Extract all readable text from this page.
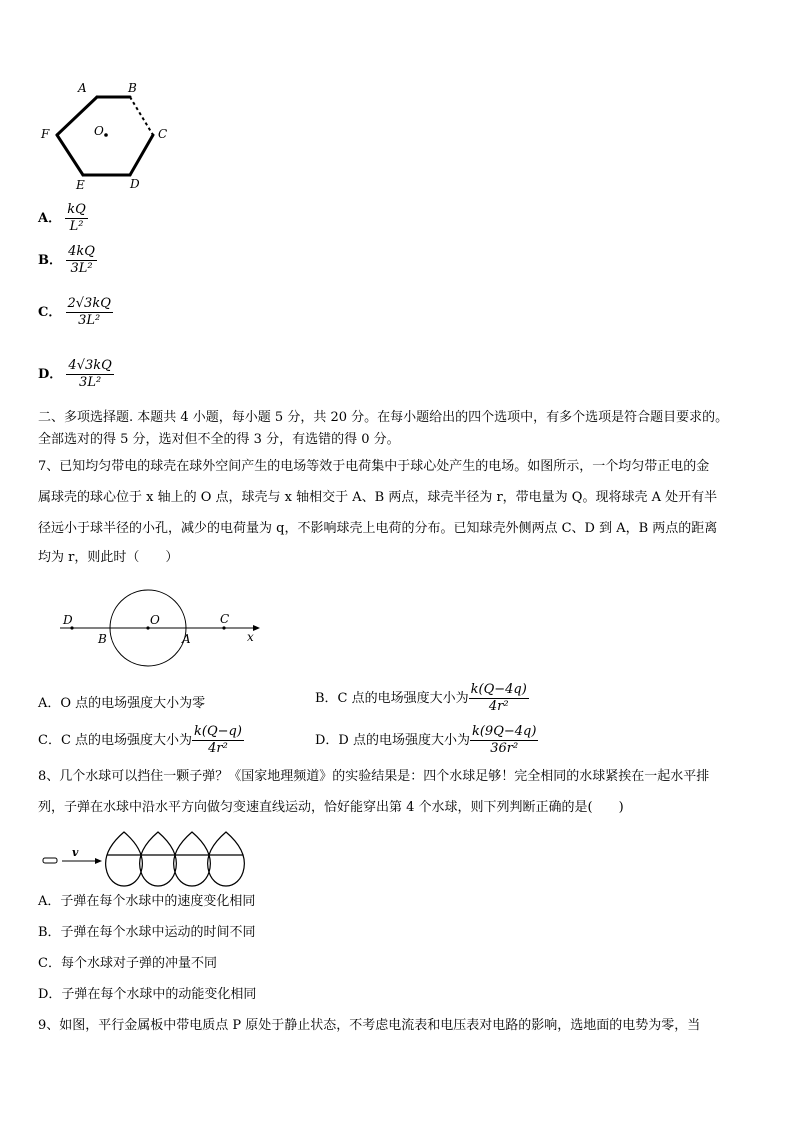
A	B
C
D
E
F	O
A． $\frac{kQ}{\text{L²}}$
B． $\frac{4kQ}{\text{3L²}}$
C． $\frac{2√3kQ}{\text{3L²}}$
D． $\frac{4√3kQ}{\text{3L²}}$
二、多项选择题. 本题共 4 小题，每小题 5 分，共 20 分。在每小题给出的四个选项中，有多个选项是符合题目要求的。
全部选对的得 5 分，选对但不全的得 3 分，有选错的得 0 分。
7、已知均匀带电的球壳在球外空间产生的电场等效于电荷集中于球心处产生的电场。如图所示，一个均匀带正电的金
属球壳的球心位于 x 轴上的 O 点，球壳与 x 轴相交于 A、B 两点，球壳半径为 r，带电量为 Q。现将球壳 A 处开有半
径远小于球半径的小孔，减少的电荷量为 q，不影响球壳上电荷的分布。已知球壳外侧两点 C、D 到 A，B 两点的距离
均为 r，则此时（　　）
D
B
O
A
C
x
A．O 点的电场强度大小为零	B．C 点的电场强度大小为 $\frac{k(Q-4q)}{\text{4r²}}$
C．C 点的电场强度大小为 $\frac{k(Q-q)}{\text{4r²}}$	D．D 点的电场强度大小为 $\frac{k(9Q-4q)}{\text{36r²}}$
8、几个水球可以挡住一颗子弹？《国家地理频道》的实验结果是：四个水球足够！完全相同的水球紧挨在一起水平排
列，子弹在水球中沿水平方向做匀变速直线运动，恰好能穿出第 4 个水球，则下列判断正确的是(　　)
v
A．子弹在每个水球中的速度变化相同
B．子弹在每个水球中运动的时间不同
C．每个水球对子弹的冲量不同
D．子弹在每个水球中的动能变化相同
9、如图，平行金属板中带电质点 P 原处于静止状态，不考虑电流表和电压表对电路的影响，选地面的电势为零，当
